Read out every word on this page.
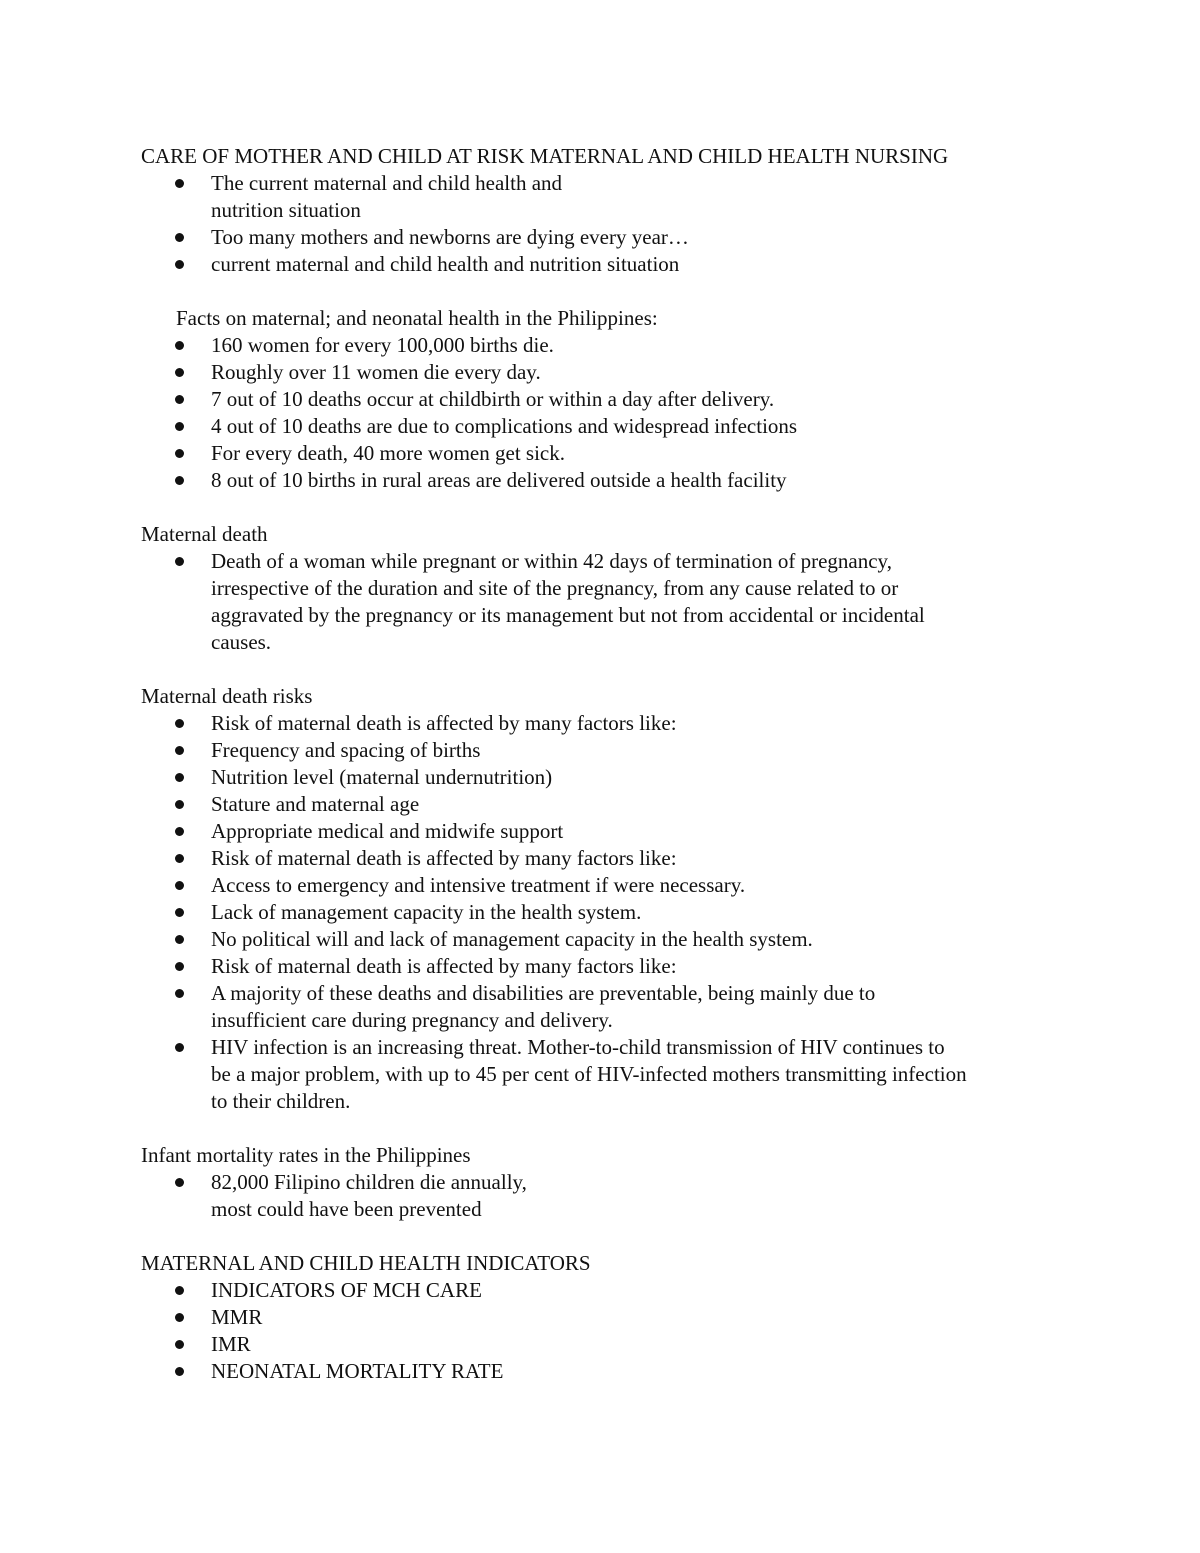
CARE OF MOTHER AND CHILD AT RISK MATERNAL AND CHILD HEALTH NURSING
The current maternal and child health and
nutrition situation
Too many mothers and newborns are dying every year…
current maternal and child health and nutrition situation
Facts on maternal; and neonatal health in the Philippines:
160 women for every 100,000 births die.
Roughly over 11 women die every day.
7 out of 10 deaths occur at childbirth or within a day after delivery.
4 out of 10 deaths are due to complications and widespread infections
For every death, 40 more women get sick.
8 out of 10 births in rural areas are delivered outside a health facility
Maternal death
Death of a woman while pregnant or within 42 days of termination of pregnancy,
irrespective of the duration and site of the pregnancy, from any cause related to or
aggravated by the pregnancy or its management but not from accidental or incidental
causes.
Maternal death risks
Risk of maternal death is affected by many factors like:
Frequency and spacing of births
Nutrition level (maternal undernutrition)
Stature and maternal age
Appropriate medical and midwife support
Risk of maternal death is affected by many factors like:
Access to emergency and intensive treatment if were necessary.
Lack of management capacity in the health system.
No political will and lack of management capacity in the health system.
Risk of maternal death is affected by many factors like:
A majority of these deaths and disabilities are preventable, being mainly due to
insufficient care during pregnancy and delivery.
HIV infection is an increasing threat. Mother-to-child transmission of HIV continues to
be a major problem, with up to 45 per cent of HIV-infected mothers transmitting infection
to their children.
Infant mortality rates in the Philippines
82,000 Filipino children die annually,
most could have been prevented
MATERNAL AND CHILD HEALTH INDICATORS
INDICATORS OF MCH CARE
MMR
IMR
NEONATAL MORTALITY RATE
